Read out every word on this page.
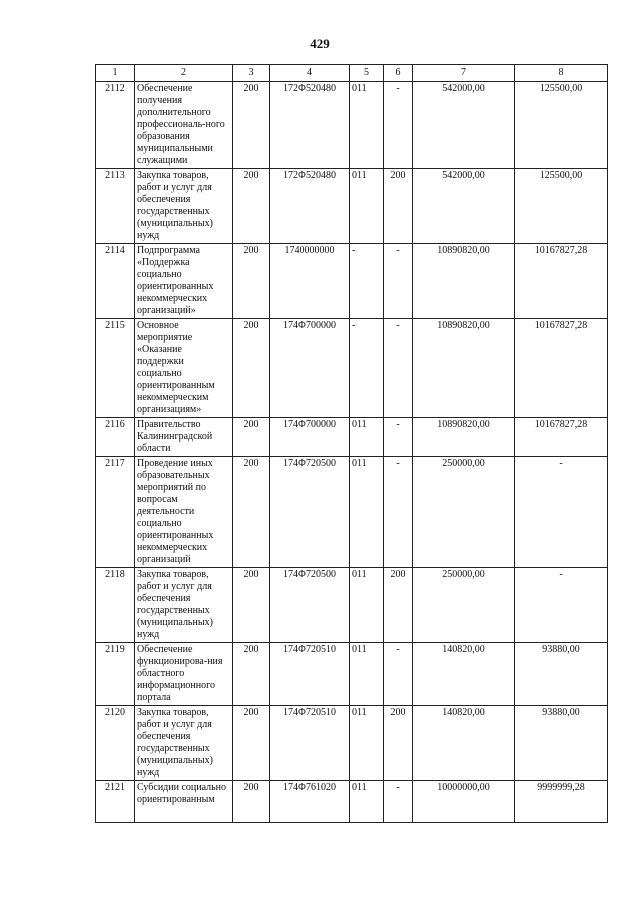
429
1	2	3	4	5	6	7	8
2112	Обеспечение получения дополнительного профессиональ-ного образования муниципальными служащими	200	172Ф520480	011	-	542000,00	125500,00
2113	Закупка товаров, работ и услуг для обеспечения государственных (муниципальных) нужд	200	172Ф520480	011	200	542000,00	125500,00
2114	Подпрограмма «Поддержка социально ориентированных некоммерческих организаций»	200	1740000000	-	-	10890820,00	10167827,28
2115	Основное мероприятие «Оказание поддержки социально ориентированным некоммерческим организациям»	200	174Ф700000	-	-	10890820,00	10167827,28
2116	Правительство Калининградской области	200	174Ф700000	011	-	10890820,00	10167827,28
2117	Проведение иных образовательных мероприятий по вопросам деятельности социально ориентированных некоммерческих организаций	200	174Ф720500	011	-	250000,00	-
2118	Закупка товаров, работ и услуг для обеспечения государственных (муниципальных) нужд	200	174Ф720500	011	200	250000,00	-
2119	Обеспечение функционирова-ния областного информационного портала	200	174Ф720510	011	-	140820,00	93880,00
2120	Закупка товаров, работ и услуг для обеспечения государственных (муниципальных) нужд	200	174Ф720510	011	200	140820,00	93880,00
2121	Субсидии социально ориентированным	200	174Ф761020	011	-	10000000,00	9999999,28
